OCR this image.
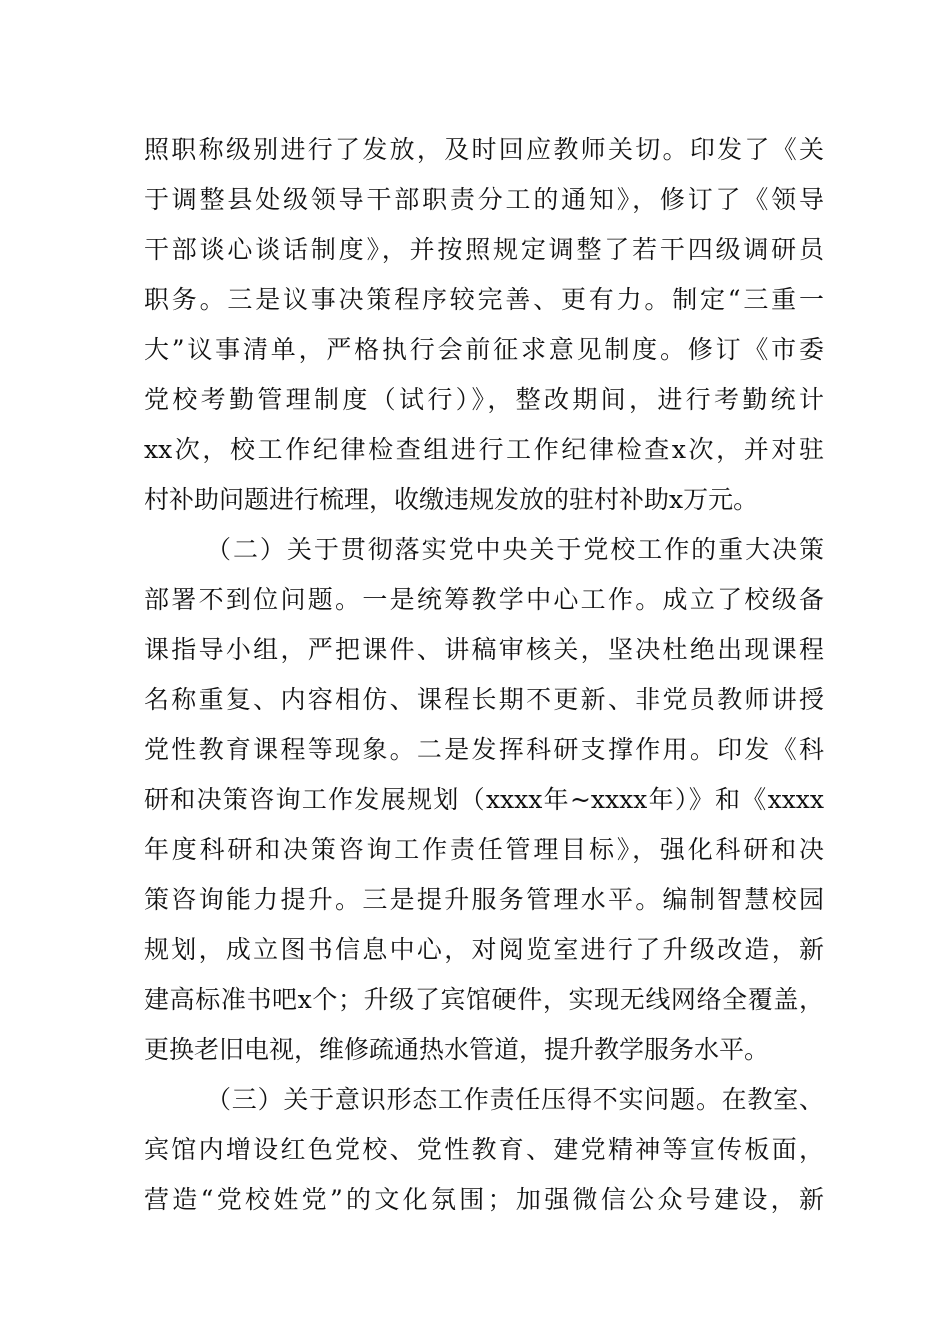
照职称级别进行了发放，及时回应教师关切。印发了《关
于调整县处级领导干部职责分工的通知》，修订了《领导
干部谈心谈话制度》，并按照规定调整了若干四级调研员
职务。三是议事决策程序较完善、更有力。制定“三重一
大”议事清单，严格执行会前征求意见制度。修订《市委
党校考勤管理制度（试行）》，整改期间，进行考勤统计
xx次，校工作纪律检查组进行工作纪律检查x次，并对驻
村补助问题进行梳理，收缴违规发放的驻村补助x万元。
（二）关于贯彻落实党中央关于党校工作的重大决策
部署不到位问题。一是统筹教学中心工作。成立了校级备
课指导小组，严把课件、讲稿审核关，坚决杜绝出现课程
名称重复、内容相仿、课程长期不更新、非党员教师讲授
党性教育课程等现象。二是发挥科研支撑作用。印发《科
研和决策咨询工作发展规划（xxxx年~xxxx年）》和《xxxx
年度科研和决策咨询工作责任管理目标》，强化科研和决
策咨询能力提升。三是提升服务管理水平。编制智慧校园
规划，成立图书信息中心，对阅览室进行了升级改造，新
建高标准书吧x个；升级了宾馆硬件，实现无线网络全覆盖，
更换老旧电视，维修疏通热水管道，提升教学服务水平。
（三）关于意识形态工作责任压得不实问题。在教室、
宾馆内增设红色党校、党性教育、建党精神等宣传板面，
营造“党校姓党”的文化氛围；加强微信公众号建设，新
